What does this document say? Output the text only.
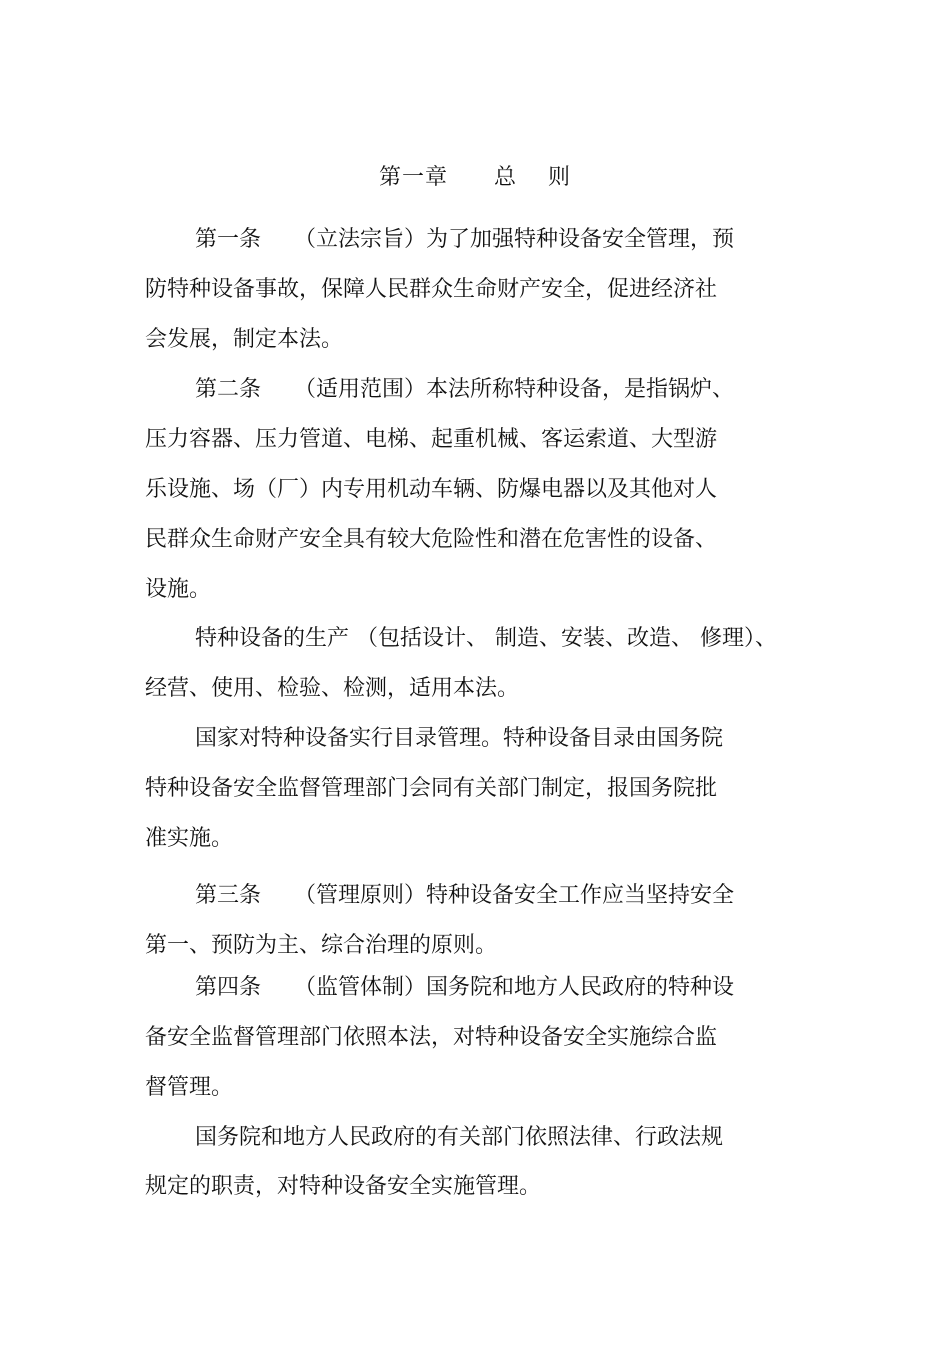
第一章　　总　 则
第一条　　（立法宗旨）为了加强特种设备安全管理，预
防特种设备事故，保障人民群众生命财产安全，促进经济社
会发展，制定本法。
第二条　　（适用范围）本法所称特种设备，是指锅炉、
压力容器、压力管道、电梯、起重机械、客运索道、大型游
乐设施、场（厂）内专用机动车辆、防爆电器以及其他对人
民群众生命财产安全具有较大危险性和潜在危害性的设备、
设施。
特种设备的生产 （包括设计、 制造、安装、改造、 修理）、
经营、使用、检验、检测，适用本法。
国家对特种设备实行目录管理。特种设备目录由国务院
特种设备安全监督管理部门会同有关部门制定，报国务院批
准实施。
第三条　　（管理原则）特种设备安全工作应当坚持安全
第一、预防为主、综合治理的原则。
第四条　　（监管体制）国务院和地方人民政府的特种设
备安全监督管理部门依照本法，对特种设备安全实施综合监
督管理。
国务院和地方人民政府的有关部门依照法律、行政法规
规定的职责，对特种设备安全实施管理。
